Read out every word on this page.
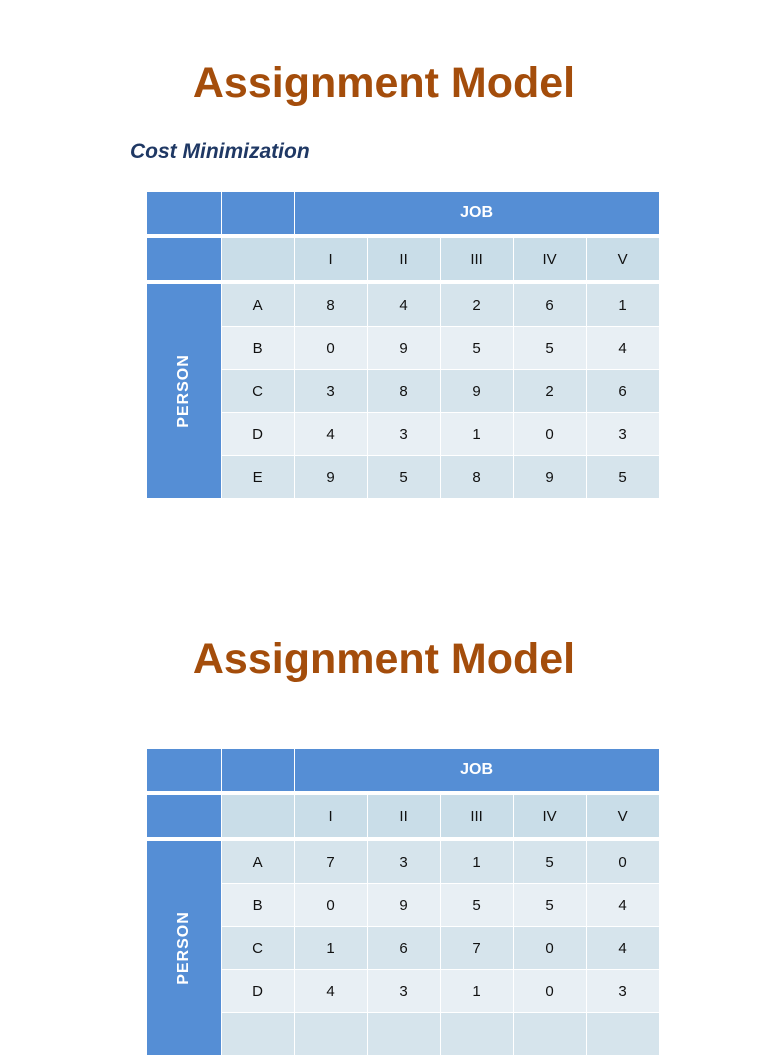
Assignment Model
Cost Minimization
		JOB				

		I	II	III	IV	V

PERSON	A	8	4	2	6	1
	B	0	9	5	5	4
	C	3	8	9	2	6
	D	4	3	1	0	3
	E	9	5	8	9	5
Assignment Model
		JOB				

		I	II	III	IV	V

PERSON	A	7	3	1	5	0
	B	0	9	5	5	4
	C	1	6	7	0	4
	D	4	3	1	0	3
